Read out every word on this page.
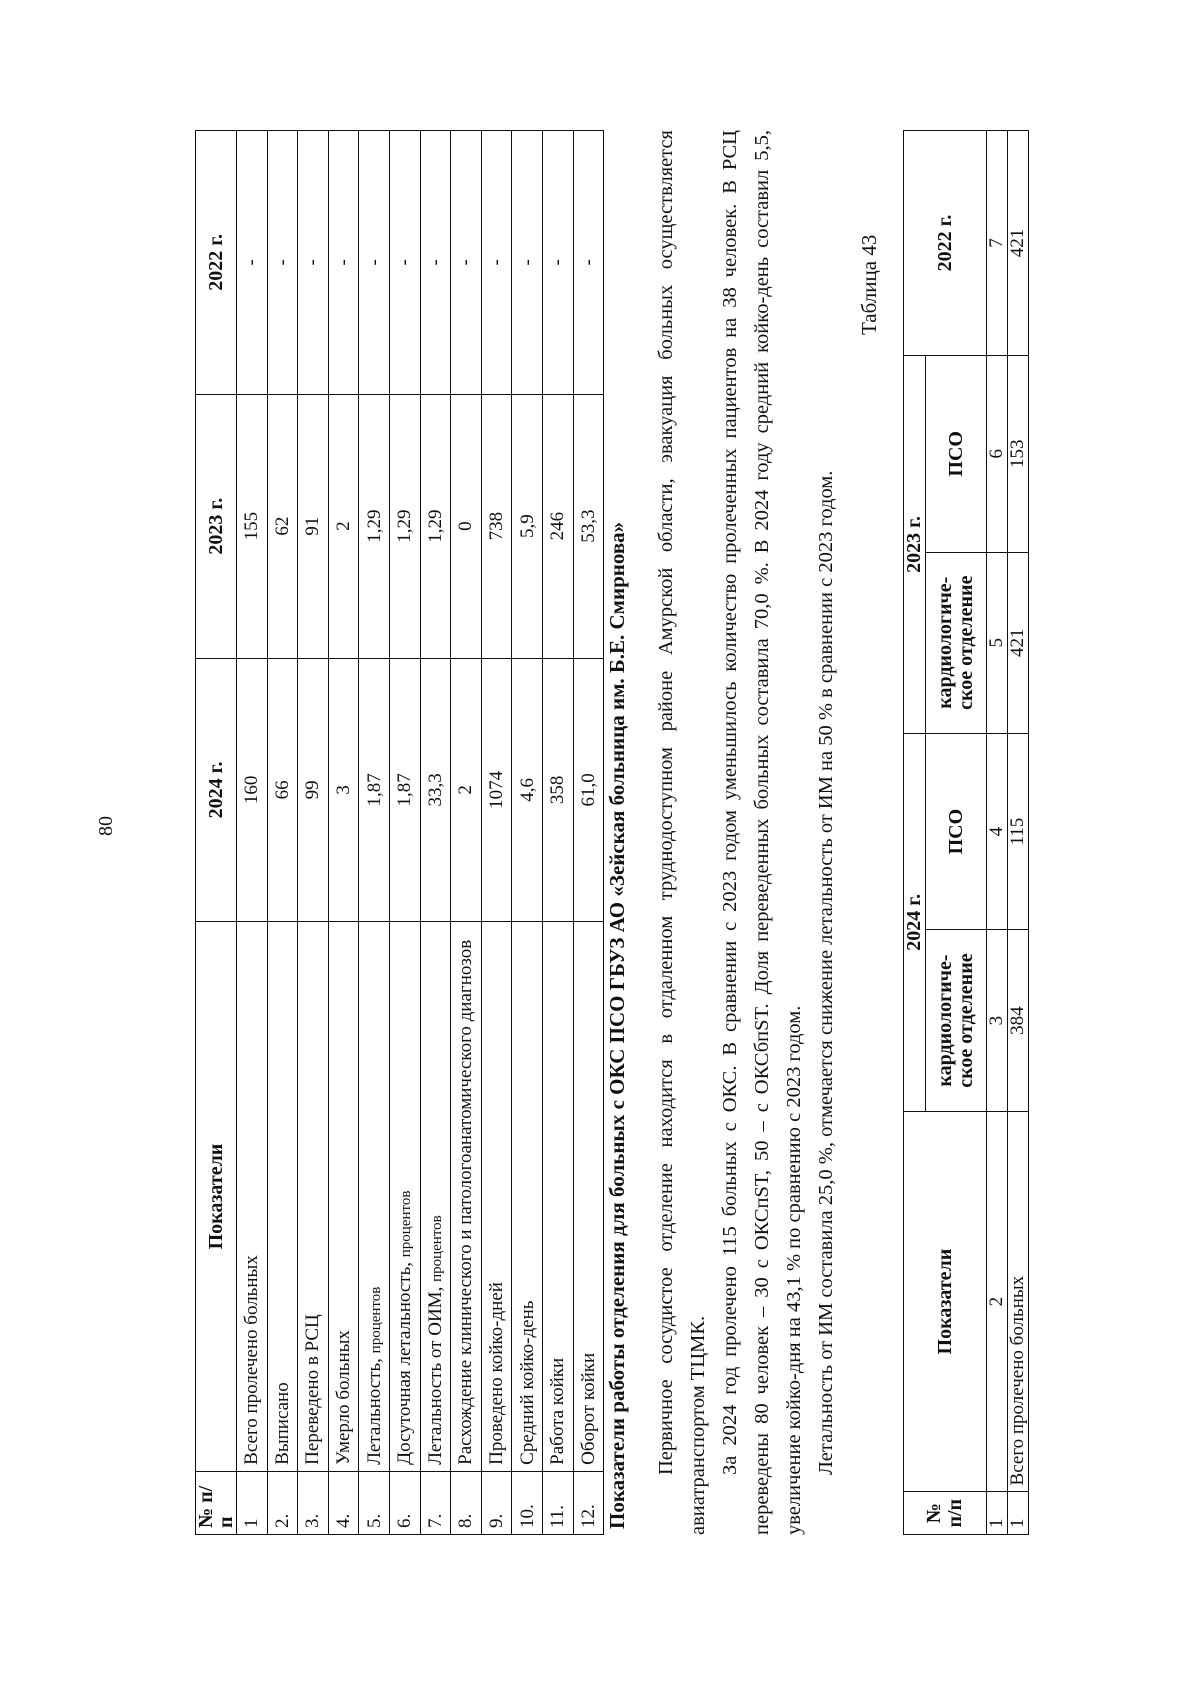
80
№ п/п	Показатели	2024 г.	2023 г.	2022 г.
1	Всего пролечено больных	160	155	-
2.	Выписано	66	62	-
3.	Переведено в РСЦ	99	91	-
4.	Умерло больных	3	2	-
5.	Летальность, процентов	1,87	1,29	-
6.	Досуточная летальность, процентов	1,87	1,29	-
7.	Летальность от ОИМ, процентов	33,3	1,29	-
8.	Расхождение клинического и патологоанатомического диагнозов	2	0	-
9.	Проведено койко-дней	1074	738	-
10.	Средний койко-день	4,6	5,9	-
11.	Работа койки	358	246	-
12.	Оборот койки	61,0	53,3	-
Показатели работы отделения для больных с ОКС ПСО ГБУЗ АО «Зейская больница им. Б.Е. Смирнова» Первичное сосудистое отделение находится в отдаленном труднодоступном районе Амурской области, эвакуация больных осуществляется авиатранспортом ТЦМК. За 2024 год пролечено 115 больных с ОКС. В сравнении с 2023 годом уменьшилось количество пролеченных пациентов на 38 человек. В РСЦ переведены 80 человек – 30 с ОКСпST, 50 – с ОКСбпST. Доля переведенных больных составила 70,0 %. В 2024 году средний койко-день составил 5,5, увеличение койко-дня на 43,1 % по сравнению с 2023 годом. Летальность от ИМ составила 25,0 %, отмечается снижение летальность от ИМ на 50 % в сравнении с 2023 годом.
Таблица 43
№ п/п	Показатели	2024 г.		2023 г.		2022 г.
		кардиологиче-ское отделение	ПСО	кардиологиче-ское отделение	ПСО	
1	2	3	4	5	6	7
1	Всего пролечено больных	384	115	421	153	421
